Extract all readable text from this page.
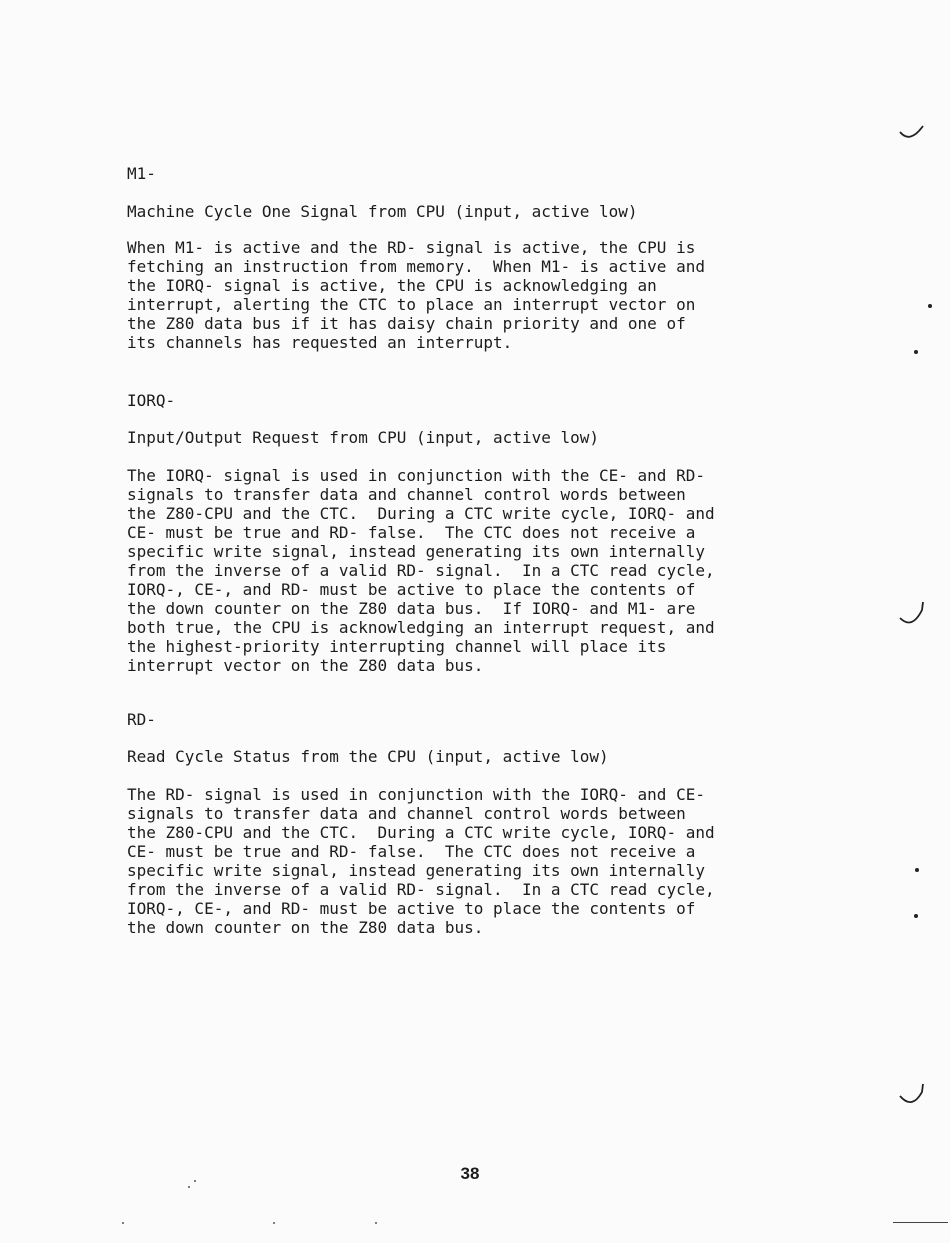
M1-
Machine Cycle One Signal from CPU (input, active low)
When M1- is active and the RD- signal is active, the CPU is
fetching an instruction from memory.  When M1- is active and
the IORQ- signal is active, the CPU is acknowledging an
interrupt, alerting the CTC to place an interrupt vector on
the Z80 data bus if it has daisy chain priority and one of
its channels has requested an interrupt.
IORQ-
Input/Output Request from CPU (input, active low)
The IORQ- signal is used in conjunction with the CE- and RD-
signals to transfer data and channel control words between
the Z80-CPU and the CTC.  During a CTC write cycle, IORQ- and
CE- must be true and RD- false.  The CTC does not receive a
specific write signal, instead generating its own internally
from the inverse of a valid RD- signal.  In a CTC read cycle,
IORQ-, CE-, and RD- must be active to place the contents of
the down counter on the Z80 data bus.  If IORQ- and M1- are
both true, the CPU is acknowledging an interrupt request, and
the highest-priority interrupting channel will place its
interrupt vector on the Z80 data bus.
RD-
Read Cycle Status from the CPU (input, active low)
The RD- signal is used in conjunction with the IORQ- and CE-
signals to transfer data and channel control words between
the Z80-CPU and the CTC.  During a CTC write cycle, IORQ- and
CE- must be true and RD- false.  The CTC does not receive a
specific write signal, instead generating its own internally
from the inverse of a valid RD- signal.  In a CTC read cycle,
IORQ-, CE-, and RD- must be active to place the contents of
the down counter on the Z80 data bus.
38
